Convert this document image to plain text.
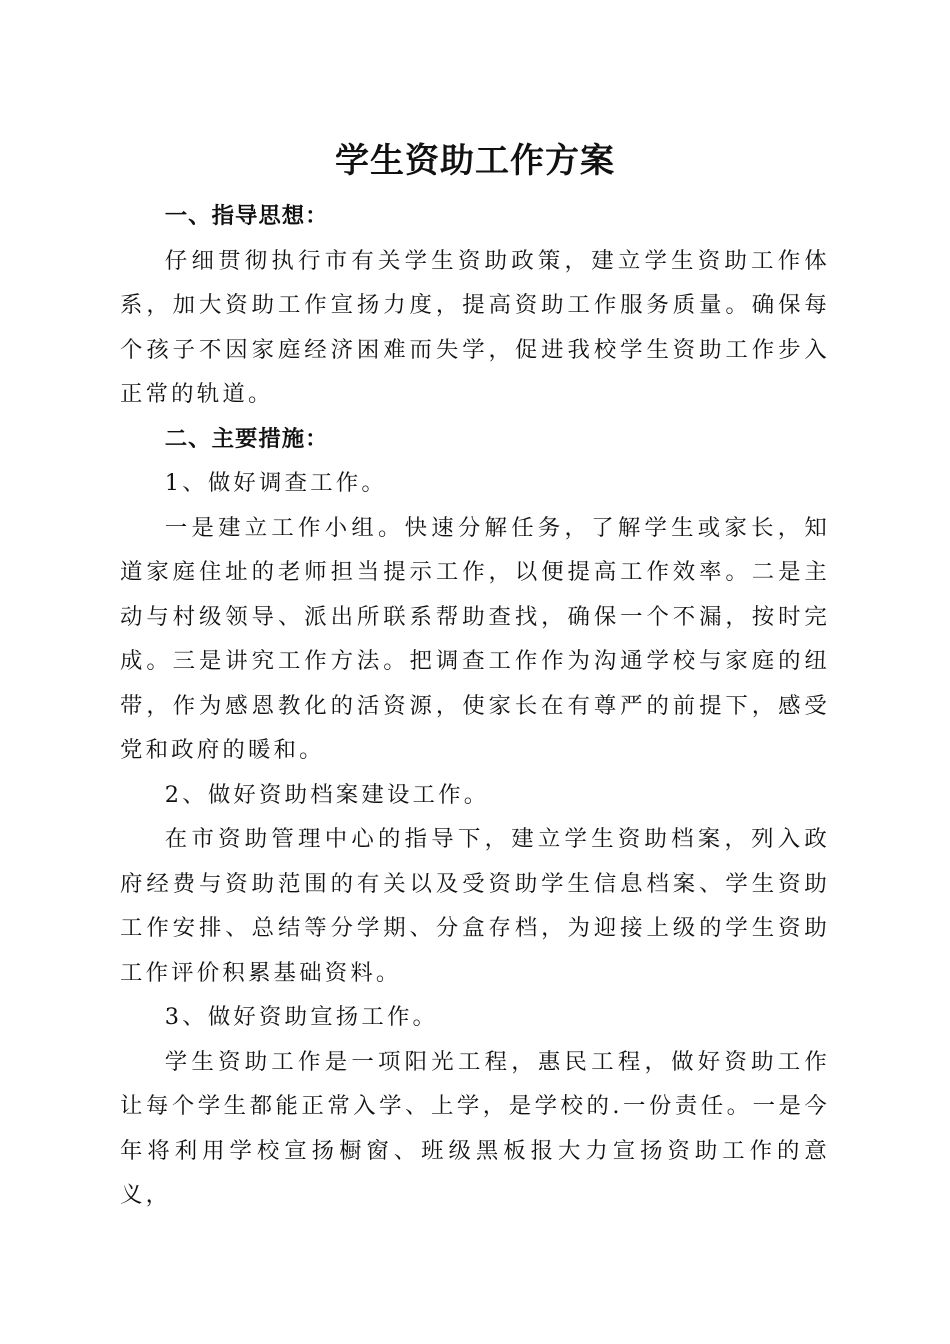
学生资助工作方案

一、指导思想：

仔细贯彻执行市有关学生资助政策，建立学生资助工作体系，加大资助工作宣扬力度，提高资助工作服务质量。确保每个孩子不因家庭经济困难而失学，促进我校学生资助工作步入正常的轨道。

二、主要措施：

1、做好调查工作。

一是建立工作小组。快速分解任务，了解学生或家长，知道家庭住址的老师担当提示工作，以便提高工作效率。二是主动与村级领导、派出所联系帮助查找，确保一个不漏，按时完成。三是讲究工作方法。把调查工作作为沟通学校与家庭的纽带，作为感恩教化的活资源，使家长在有尊严的前提下，感受党和政府的暖和。

2、做好资助档案建设工作。

在市资助管理中心的指导下，建立学生资助档案，列入政府经费与资助范围的有关以及受资助学生信息档案、学生资助工作安排、总结等分学期、分盒存档，为迎接上级的学生资助工作评价积累基础资料。

3、做好资助宣扬工作。

学生资助工作是一项阳光工程，惠民工程，做好资助工作让每个学生都能正常入学、上学，是学校的.一份责任。一是今年将利用学校宣扬橱窗、班级黑板报大力宣扬资助工作的意义，
